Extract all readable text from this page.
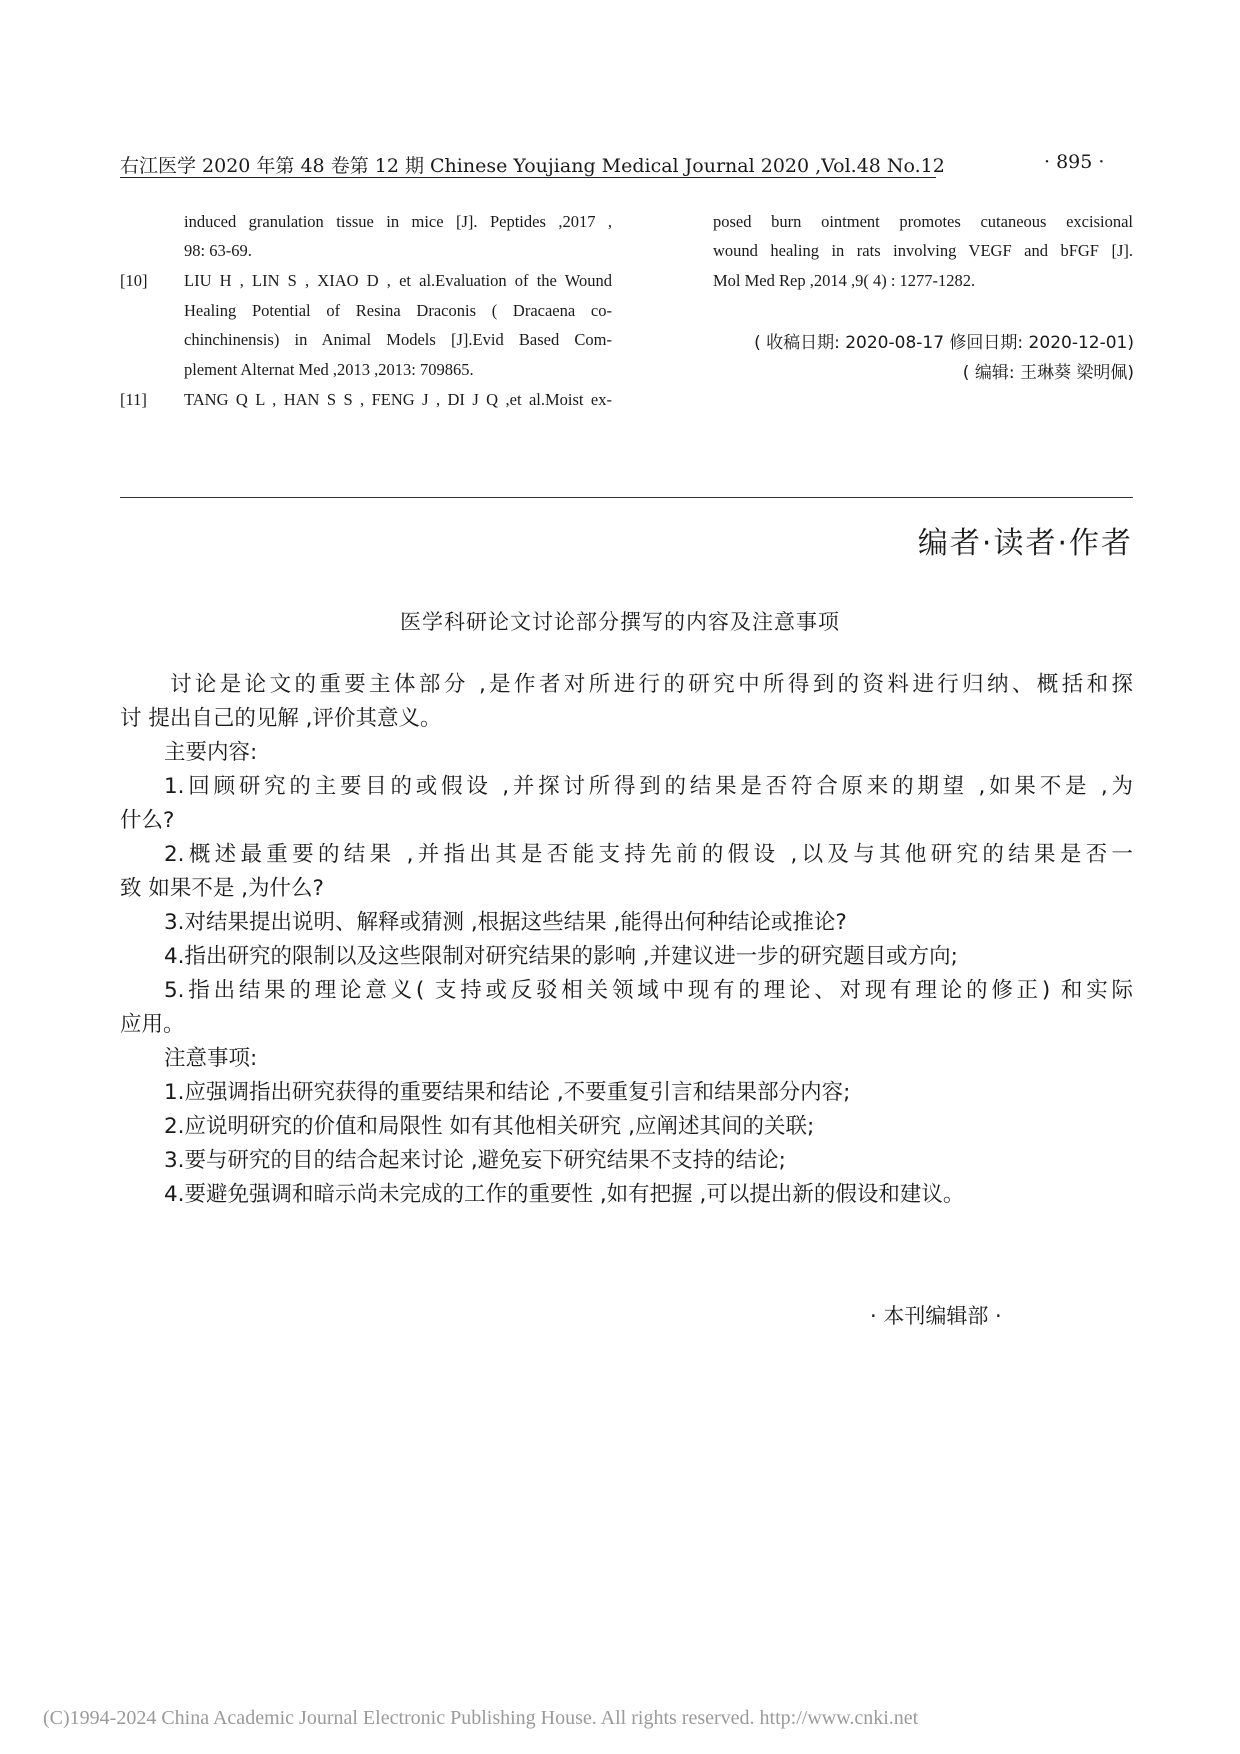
右江医学 2020 年第 48 卷第 12 期 Chinese Youjiang Medical Journal 2020 ,Vol.48 No.12	· 895 ·
induced granulation tissue in mice [J]. Peptides ,2017 ,
98: 63-69.
[10] LIU H , LIN S , XIAO D , et al.Evaluation of the Wound
Healing Potential of Resina Draconis ( Dracaena co-
chinchinensis) in Animal Models [J].Evid Based Com-
plement Alternat Med ,2013 ,2013: 709865.
[11] TANG Q L , HAN S S , FENG J , DI J Q ,et al.Moist ex-
posed burn ointment promotes cutaneous excisional
wound healing in rats involving VEGF and bFGF [J].
Mol Med Rep ,2014 ,9( 4) : 1277-1282.
( 收稿日期: 2020-08-17 修回日期: 2020-12-01)
( 编辑: 王琳葵 梁明佩)
编者·读者·作者
医学科研论文讨论部分撰写的内容及注意事项
讨论是论文的重要主体部分 ,是作者对所进行的研究中所得到的资料进行归纳、概括和探
讨 提出自己的见解 ,评价其意义。
主要内容:
1.回顾研究的主要目的或假设 ,并探讨所得到的结果是否符合原来的期望 ,如果不是 ,为
什么?
2.概述最重要的结果 ,并指出其是否能支持先前的假设 ,以及与其他研究的结果是否一
致 如果不是 ,为什么?
3.对结果提出说明、解释或猜测 ,根据这些结果 ,能得出何种结论或推论?
4.指出研究的限制以及这些限制对研究结果的影响 ,并建议进一步的研究题目或方向;
5.指出结果的理论意义( 支持或反驳相关领域中现有的理论、对现有理论的修正) 和实际
应用。
注意事项:
1.应强调指出研究获得的重要结果和结论 ,不要重复引言和结果部分内容;
2.应说明研究的价值和局限性 如有其他相关研究 ,应阐述其间的关联;
3.要与研究的目的结合起来讨论 ,避免妄下研究结果不支持的结论;
4.要避免强调和暗示尚未完成的工作的重要性 ,如有把握 ,可以提出新的假设和建议。
· 本刊编辑部 ·
(C)1994-2024 China Academic Journal Electronic Publishing House. All rights reserved. http://www.cnki.net
